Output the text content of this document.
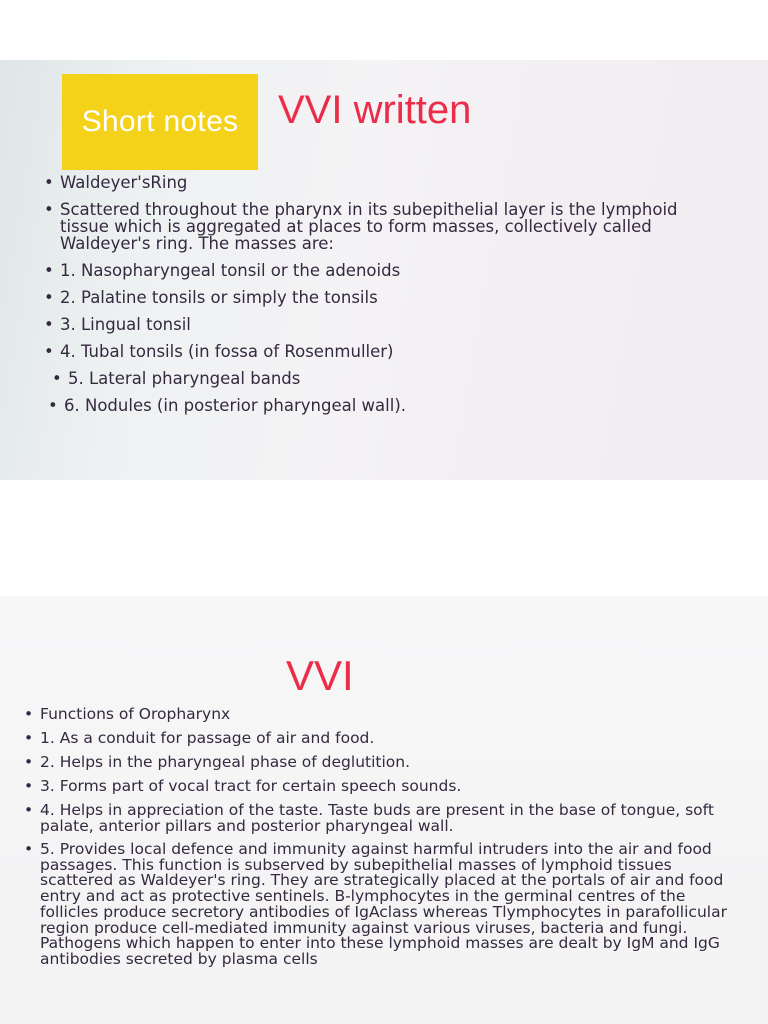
Short notes VVI written
• Waldeyer'sRing
• Scattered throughout the pharynx in its subepithelial layer is the lymphoid tissue which is aggregated at places to form masses, collectively called Waldeyer's ring. The masses are:
• 1. Nasopharyngeal tonsil or the adenoids
• 2. Palatine tonsils or simply the tonsils
• 3. Lingual tonsil
• 4. Tubal tonsils (in fossa of Rosenmuller)
• 5. Lateral pharyngeal bands
• 6. Nodules (in posterior pharyngeal wall).
VVI
• Functions of Oropharynx
• 1. As a conduit for passage of air and food.
• 2. Helps in the pharyngeal phase of deglutition.
• 3. Forms part of vocal tract for certain speech sounds.
• 4. Helps in appreciation of the taste. Taste buds are present in the base of tongue, soft palate, anterior pillars and posterior pharyngeal wall.
• 5. Provides local defence and immunity against harmful intruders into the air and food passages. This function is subserved by subepithelial masses of lymphoid tissues scattered as Waldeyer's ring. They are strategically placed at the portals of air and food entry and act as protective sentinels. B-lymphocytes in the germinal centres of the follicles produce secretory antibodies of IgAclass whereas Tlymphocytes in parafollicular region produce cell-mediated immunity against various viruses, bacteria and fungi. Pathogens which happen to enter into these lymphoid masses are dealt by IgM and IgG antibodies secreted by plasma cells
